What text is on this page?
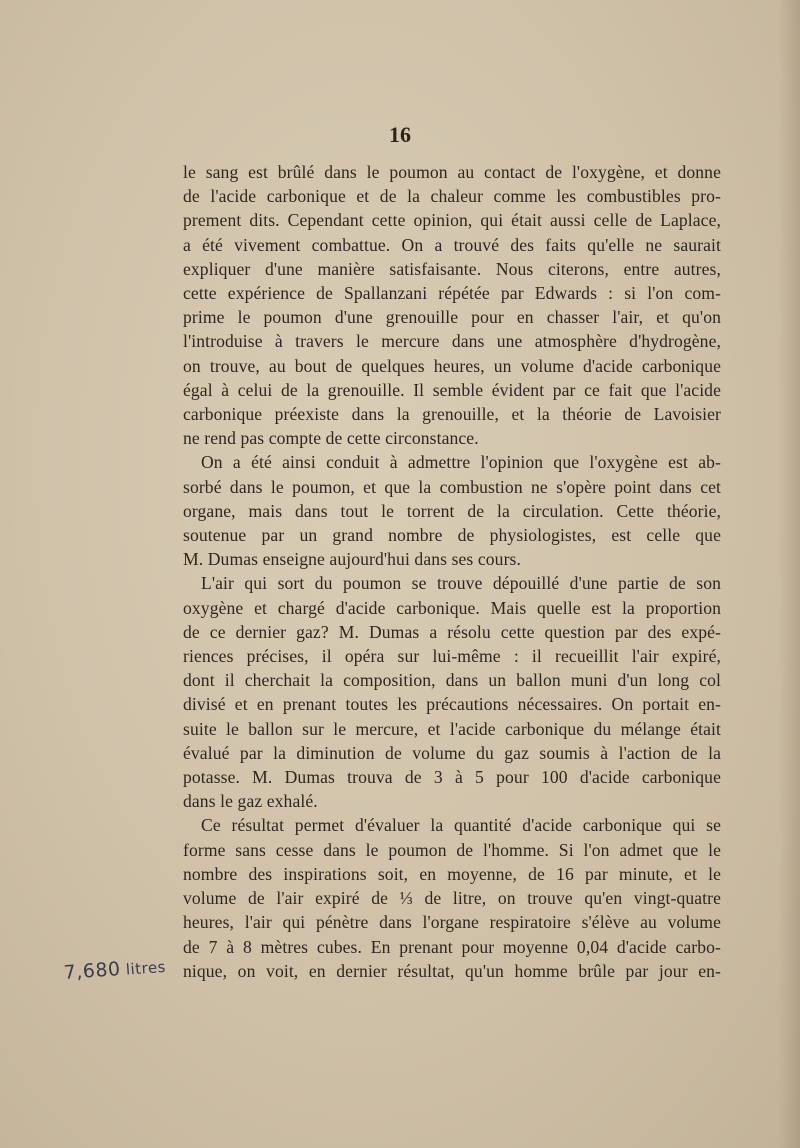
16

le sang est brûlé dans le poumon au contact de l'oxygène, et donne

de l'acide carbonique et de la chaleur comme les combustibles pro-

prement dits. Cependant cette opinion, qui était aussi celle de Laplace,

a été vivement combattue. On a trouvé des faits qu'elle ne saurait

expliquer d'une manière satisfaisante. Nous citerons, entre autres,

cette expérience de Spallanzani répétée par Edwards : si l'on com-

prime le poumon d'une grenouille pour en chasser l'air, et qu'on

l'introduise à travers le mercure dans une atmosphère d'hydrogène,

on trouve, au bout de quelques heures, un volume d'acide carbonique

égal à celui de la grenouille. Il semble évident par ce fait que l'acide

carbonique préexiste dans la grenouille, et la théorie de Lavoisier

ne rend pas compte de cette circonstance.

On a été ainsi conduit à admettre l'opinion que l'oxygène est ab-

sorbé dans le poumon, et que la combustion ne s'opère point dans cet

organe, mais dans tout le torrent de la circulation. Cette théorie,

soutenue par un grand nombre de physiologistes, est celle que

M. Dumas enseigne aujourd'hui dans ses cours.

L'air qui sort du poumon se trouve dépouillé d'une partie de son

oxygène et chargé d'acide carbonique. Mais quelle est la proportion

de ce dernier gaz? M. Dumas a résolu cette question par des expé-

riences précises, il opéra sur lui-même : il recueillit l'air expiré,

dont il cherchait la composition, dans un ballon muni d'un long col

divisé et en prenant toutes les précautions nécessaires. On portait en-

suite le ballon sur le mercure, et l'acide carbonique du mélange était

évalué par la diminution de volume du gaz soumis à l'action de la

potasse. M. Dumas trouva de 3 à 5 pour 100 d'acide carbonique

dans le gaz exhalé.

Ce résultat permet d'évaluer la quantité d'acide carbonique qui se

forme sans cesse dans le poumon de l'homme. Si l'on admet que le

nombre des inspirations soit, en moyenne, de 16 par minute, et le

volume de l'air expiré de ⅓ de litre, on trouve qu'en vingt-quatre

heures, l'air qui pénètre dans l'organe respiratoire s'élève au volume

de 7 à 8 mètres cubes. En prenant pour moyenne 0,04 d'acide carbo-

nique, on voit, en dernier résultat, qu'un homme brûle par jour en-

7,680 litres
